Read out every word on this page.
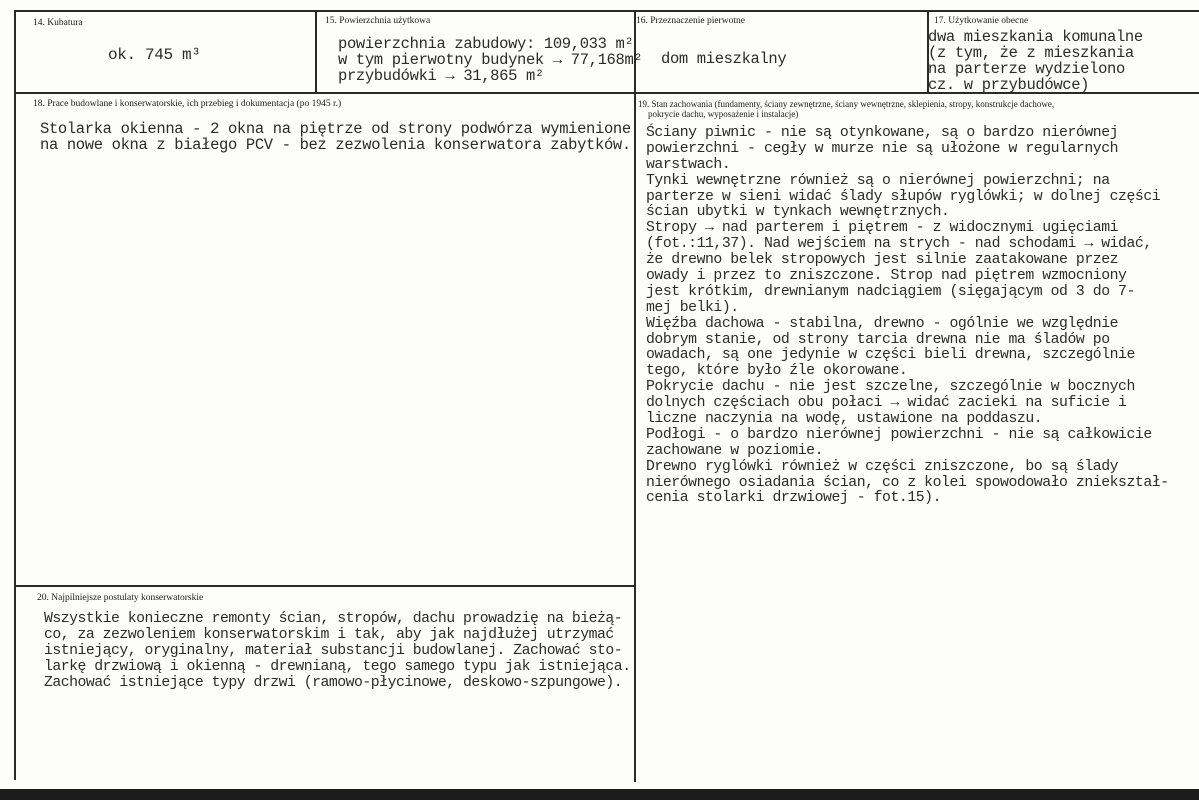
14. Kubatura
ok. 745 m³
15. Powierzchnia użytkowa
powierzchnia zabudowy: 109,033 m²
w tym pierwotny budynek → 77,168m²
przybudówki → 31,865 m²
16. Przeznaczenie pierwotne
dom mieszkalny
17. Użytkowanie obecne
dwa mieszkania komunalne
(z tym, że z mieszkania
na parterze wydzielono
cz. w przybudówce)
18. Prace budowlane i konserwatorskie, ich przebieg i dokumentacja (po 1945 r.)
Stolarka okienna - 2 okna na piętrze od strony podwórza wymienione
na nowe okna z białego PCV - bez zezwolenia konserwatora zabytków.
19. Stan zachowania (fundamenty, ściany zewnętrzne, ściany wewnętrzne, sklepienia, stropy, konstrukcje dachowe,
pokrycie dachu, wyposażenie i instalacje)
Ściany piwnic - nie są otynkowane, są o bardzo nierównej
powierzchni - cegły w murze nie są ułożone w regularnych
warstwach.
Tynki wewnętrzne również są o nierównej powierzchni; na
parterze w sieni widać ślady słupów ryglówki; w dolnej części
ścian ubytki w tynkach wewnętrznych.
Stropy → nad parterem i piętrem - z widocznymi ugięciami
(fot.:11,37). Nad wejściem na strych - nad schodami → widać,
że drewno belek stropowych jest silnie zaatakowane przez
owady i przez to zniszczone. Strop nad piętrem wzmocniony
jest krótkim, drewnianym nadciągiem (sięgającym od 3 do 7-
mej belki).
Więźba dachowa - stabilna, drewno - ogólnie we względnie
dobrym stanie, od strony tarcia drewna nie ma śladów po
owadach, są one jedynie w części bieli drewna, szczególnie
tego, które było źle okorowane.
Pokrycie dachu - nie jest szczelne, szczególnie w bocznych
dolnych częściach obu połaci → widać zacieki na suficie i
liczne naczynia na wodę, ustawione na poddaszu.
Podłogi - o bardzo nierównej powierzchni - nie są całkowicie
zachowane w poziomie.
Drewno ryglówki również w części zniszczone, bo są ślady
nierównego osiadania ścian, co z kolei spowodowało zniekształ-
cenia stolarki drzwiowej - fot.15).
20. Najpilniejsze postulaty konserwatorskie
Wszystkie konieczne remonty ścian, stropów, dachu prowadzię na bieżą-
co, za zezwoleniem konserwatorskim i tak, aby jak najdłużej utrzymać
istniejący, oryginalny, materiał substancji budowlanej. Zachować sto-
larkę drzwiową i okienną - drewnianą, tego samego typu jak istniejąca.
Zachować istniejące typy drzwi (ramowo-płycinowe, deskowo-szpungowe).
